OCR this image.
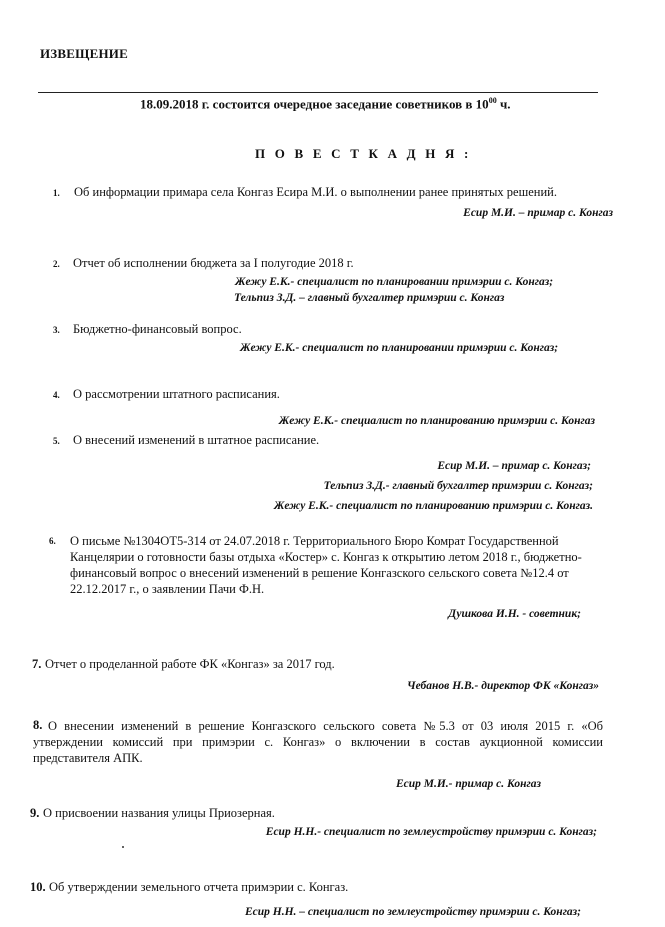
ИЗВЕЩЕНИЕ
18.09.2018 г. состоится очередное заседание советников в $10^{00}$ ч.
П О В Е С Т К А Д Н Я :
1. Об информации примара села Конгаз Есира М.И. о выполнении ранее принятых решений.
Есир М.И. – примар с. Конгаз
2. Отчет об исполнении бюджета за I полугодие 2018 г.
Жежу Е.К.- специалист по планировании примэрии с. Конгаз;
Тельпиз З.Д. – главный бухгалтер примэрии с. Конгаз
3. Бюджетно-финансовый вопрос.
Жежу Е.К.- специалист по планировании примэрии с. Конгаз;
4. О рассмотрении штатного расписания.
Жежу Е.К.- специалист по планированию примэрии с. Конгаз
5. О внесений изменений в штатное расписание.
Есир М.И. – примар с. Конгаз;
Тельпиз З.Д.- главный бухгалтер примэрии с. Конгаз;
Жежу Е.К.- специалист по планированию примэрии с. Конгаз.
6. О письме №1304ОТ5-314 от 24.07.2018 г. Территориального Бюро Комрат Государственной Канцелярии о готовности базы отдыха «Костер» с. Конгаз к открытию летом 2018 г., бюджетно-финансовый вопрос о внесений изменений в решение Конгазского сельского совета №12.4 от 22.12.2017 г., о заявлении Пачи Ф.Н.
Душкова И.Н. - советник;
7. Отчет о проделанной работе ФК «Конгаз» за 2017 год.
Чебанов Н.В.- директор ФК «Конгаз»
8. О внесении изменений в решение Конгазского сельского совета №5.3 от 03 июля 2015 г. «Об утверждении комиссий при примэрии с. Конгаз» о включении в состав аукционной комиссии представителя АПК.
Есир М.И.- примар с. Конгаз
9. О присвоении названия улицы Приозерная.
Есир Н.Н.- специалист по землеустройству примэрии с. Конгаз;
10. Об утверждении земельного отчета примэрии с. Конгаз.
Есир Н.Н. – специалист по землеустройству примэрии с. Конгаз;
